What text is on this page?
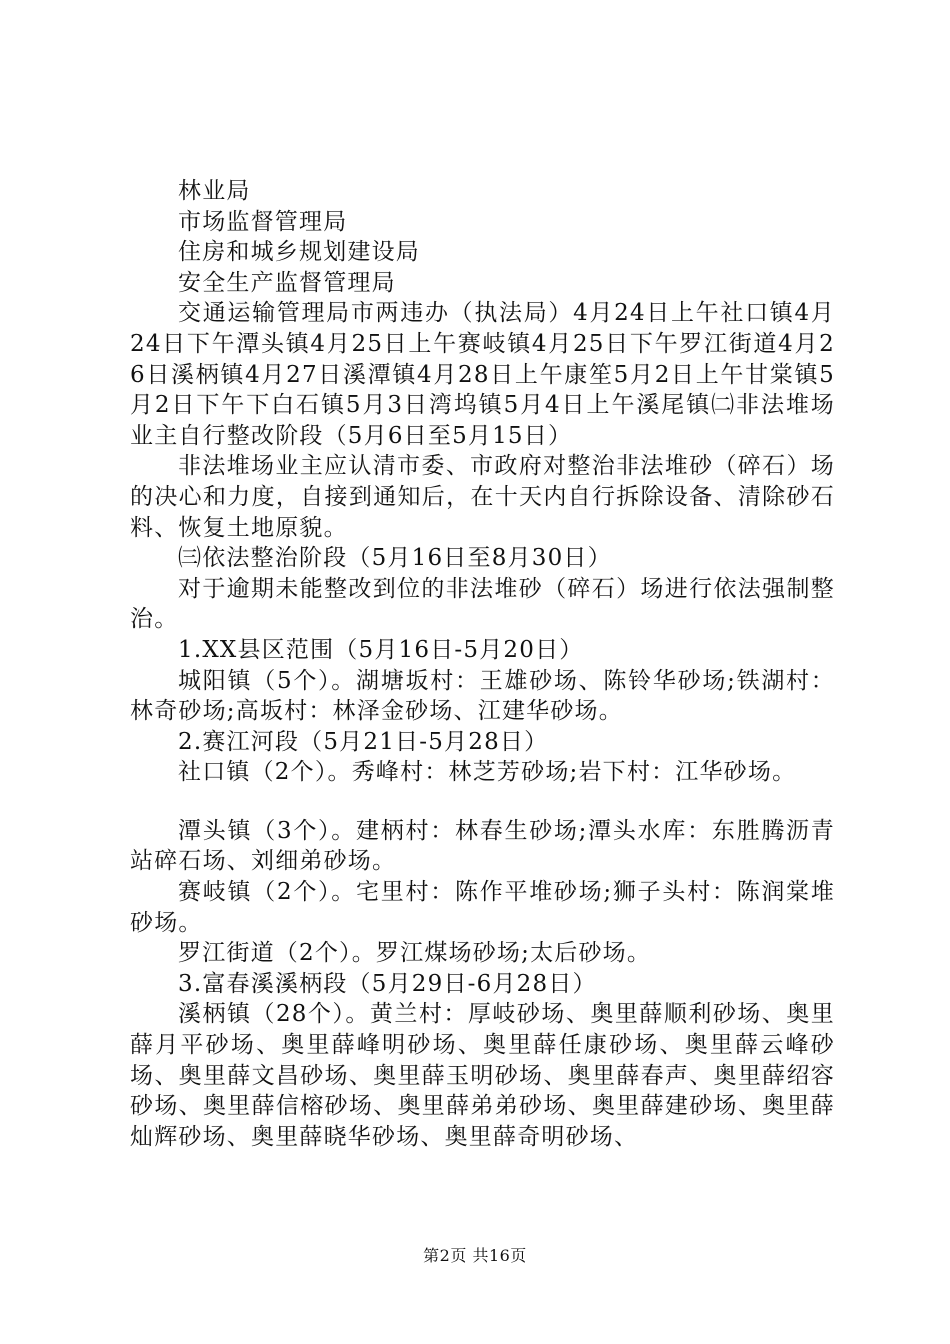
林业局

市场监督管理局

住房和城乡规划建设局

安全生产监督管理局

交通运输管理局市两违办（执法局）4月24日上午社口镇4月24日下午潭头镇4月25日上午赛岐镇4月25日下午罗江街道4月26日溪柄镇4月27日溪潭镇4月28日上午康笙5月2日上午甘棠镇5月2日下午下白石镇5月3日湾坞镇5月4日上午溪尾镇㈡非法堆场业主自行整改阶段（5月6日至5月15日）

非法堆场业主应认清市委、市政府对整治非法堆砂（碎石）场的决心和力度，自接到通知后，在十天内自行拆除设备、清除砂石料、恢复土地原貌。

㈢依法整治阶段（5月16日至8月30日）

对于逾期未能整改到位的非法堆砂（碎石）场进行依法强制整治。

1.XX县区范围（5月16日-5月20日）

城阳镇（5个）。湖塘坂村：王雄砂场、陈铃华砂场;铁湖村：林奇砂场;高坂村：林泽金砂场、江建华砂场。

2.赛江河段（5月21日-5月28日）

社口镇（2个）。秀峰村：林芝芳砂场;岩下村：江华砂场。

潭头镇（3个）。建柄村：林春生砂场;潭头水库：东胜腾沥青站碎石场、刘细弟砂场。

赛岐镇（2个）。宅里村：陈作平堆砂场;狮子头村：陈润棠堆砂场。

罗江街道（2个）。罗江煤场砂场;太后砂场。

3.富春溪溪柄段（5月29日-6月28日）

溪柄镇（28个）。黄兰村：厚岐砂场、奥里薛顺利砂场、奥里薛月平砂场、奥里薛峰明砂场、奥里薛任康砂场、奥里薛云峰砂场、奥里薛文昌砂场、奥里薛玉明砂场、奥里薛春声、奥里薛绍容砂场、奥里薛信榕砂场、奥里薛弟弟砂场、奥里薛建砂场、奥里薛灿辉砂场、奥里薛晓华砂场、奥里薛奇明砂场、

第2页 共16页
